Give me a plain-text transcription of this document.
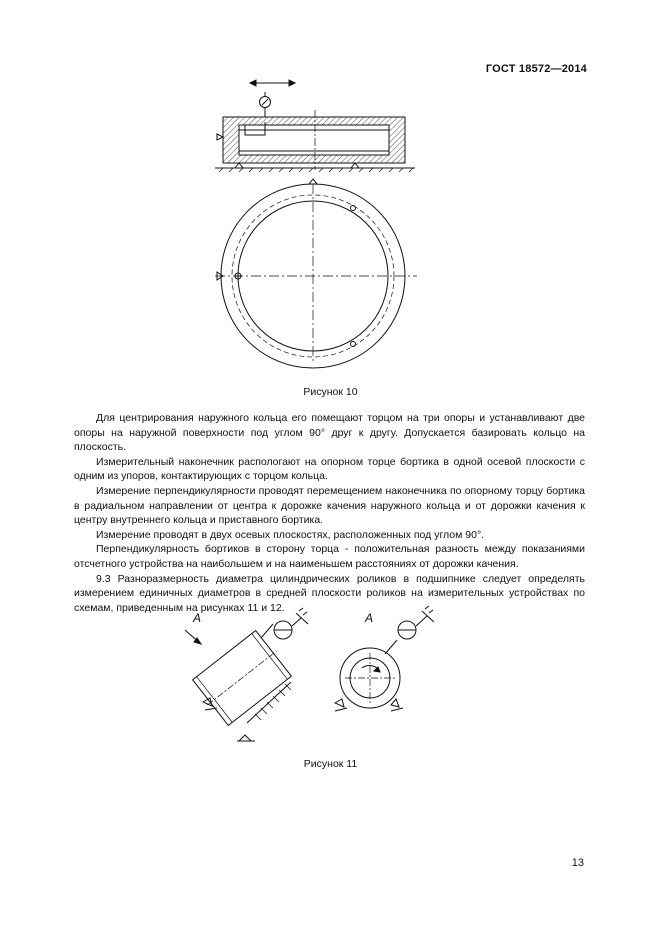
ГОСТ 18572—2014
Рисунок 10

Для центрирования наружного кольца его помещают торцом на три опоры и устанавливают две опоры на наружной поверхности под углом 90° друг к другу. Допускается базировать кольцо на плоскость.

Измерительный наконечник располoгают на опорном торце бортика в одной осевой плоскости с одним из упоров, контактирующих с торцом кольца.

Измерение перпендикулярности проводят перемещением наконечника по опорному торцу бортика в радиальном направлении от центра к дорожке качения наружного кольца и от дорожки качения к центру внутреннего кольца и приставного бортика.

Измерение проводят в двух осевых плоскостях, расположенных под углом 90°.

Перпендикулярность бортиков в сторону торца - положительная разность между показаниями отсчетного устройства на наибольшем и на наименьшем расстояниях от дорожки качения.

9.3 Разноразмерность диаметра цилиндрических роликов в подшипнике следует определять измерением единичных диаметров в средней плоскости роликов на измерительных устройствах по схемам, приведенным на рисунках 11 и 12.

А	А
Рисунок 11
13
